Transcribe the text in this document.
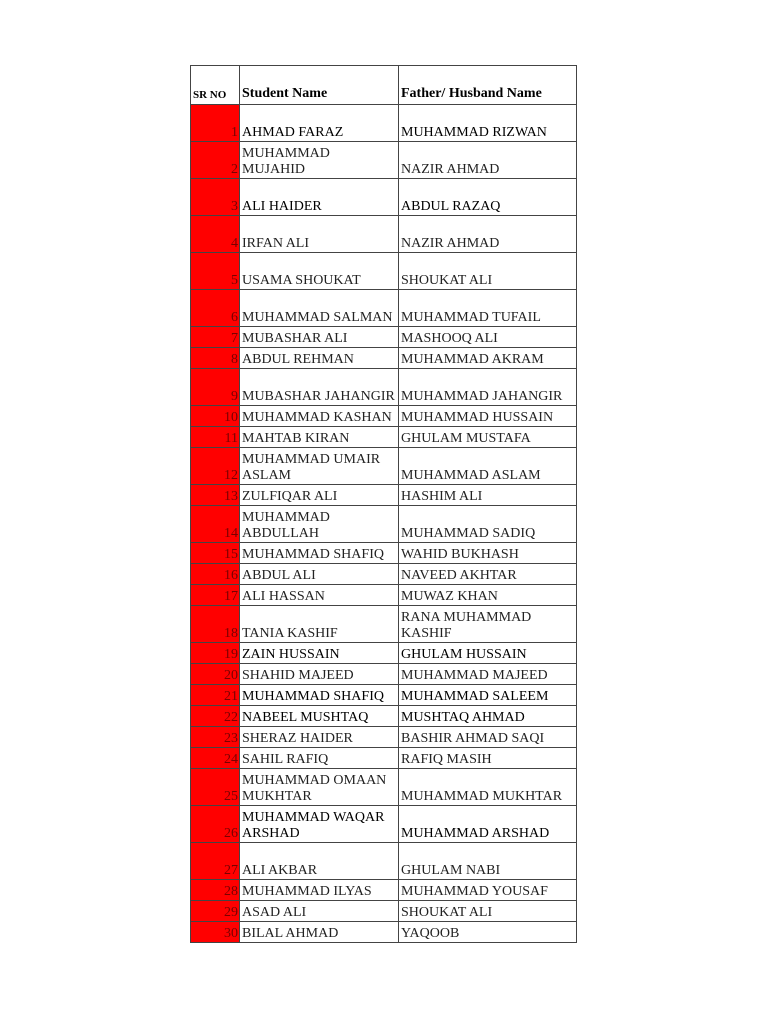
SR NO	Student Name	Father/ Husband Name
1	AHMAD FARAZ	MUHAMMAD RIZWAN
2	MUHAMMAD MUJAHID	NAZIR AHMAD
3	ALI HAIDER	ABDUL RAZAQ
4	IRFAN ALI	NAZIR AHMAD
5	USAMA SHOUKAT	SHOUKAT ALI
6	MUHAMMAD SALMAN	MUHAMMAD TUFAIL
7	MUBASHAR ALI	MASHOOQ ALI
8	ABDUL REHMAN	MUHAMMAD AKRAM
9	MUBASHAR JAHANGIR	MUHAMMAD JAHANGIR
10	MUHAMMAD KASHAN	MUHAMMAD HUSSAIN
11	MAHTAB KIRAN	GHULAM MUSTAFA
12	MUHAMMAD UMAIR ASLAM	MUHAMMAD ASLAM
13	ZULFIQAR ALI	HASHIM ALI
14	MUHAMMAD ABDULLAH	MUHAMMAD SADIQ
15	MUHAMMAD SHAFIQ	WAHID BUKHASH
16	ABDUL ALI	NAVEED AKHTAR
17	ALI HASSAN	MUWAZ KHAN
18	TANIA KASHIF	RANA MUHAMMAD KASHIF
19	ZAIN HUSSAIN	GHULAM HUSSAIN
20	SHAHID MAJEED	MUHAMMAD MAJEED
21	MUHAMMAD SHAFIQ	MUHAMMAD SALEEM
22	NABEEL MUSHTAQ	MUSHTAQ AHMAD
23	SHERAZ HAIDER	BASHIR AHMAD SAQI
24	SAHIL RAFIQ	RAFIQ MASIH
25	MUHAMMAD OMAAN MUKHTAR	MUHAMMAD MUKHTAR
26	MUHAMMAD WAQAR ARSHAD	MUHAMMAD ARSHAD
27	ALI AKBAR	GHULAM NABI
28	MUHAMMAD ILYAS	MUHAMMAD YOUSAF
29	ASAD ALI	SHOUKAT ALI
30	BILAL AHMAD	YAQOOB
